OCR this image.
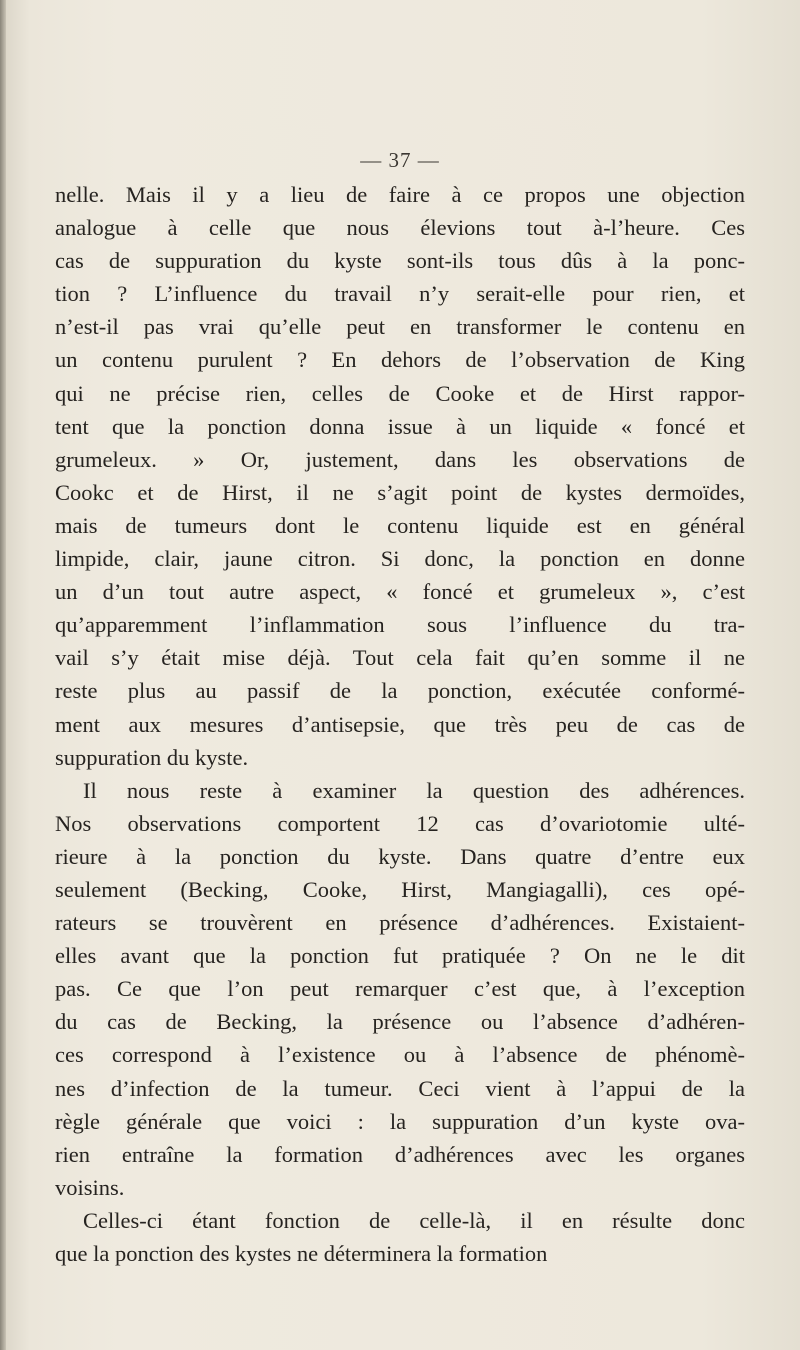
— 37 —
nelle. Mais il y a lieu de faire à ce propos une objection
analogue à celle que nous élevions tout à-l’heure. Ces
cas de suppuration du kyste sont-ils tous dûs à la ponc-
tion ? L’influence du travail n’y serait-elle pour rien, et
n’est-il pas vrai qu’elle peut en transformer le contenu en
un contenu purulent ? En dehors de l’observation de King
qui ne précise rien, celles de Cooke et de Hirst rappor-
tent que la ponction donna issue à un liquide « foncé et
grumeleux. » Or, justement, dans les observations de
Cookc et de Hirst, il ne s’agit point de kystes dermoïdes,
mais de tumeurs dont le contenu liquide est en général
limpide, clair, jaune citron. Si donc, la ponction en donne
un d’un tout autre aspect, « foncé et grumeleux », c’est
qu’apparemment l’inflammation sous l’influence du tra-
vail s’y était mise déjà. Tout cela fait qu’en somme il ne
reste plus au passif de la ponction, exécutée conformé-
ment aux mesures d’antisepsie, que très peu de cas de
suppuration du kyste.
Il nous reste à examiner la question des adhérences.
Nos observations comportent 12 cas d’ovariotomie ulté-
rieure à la ponction du kyste. Dans quatre d’entre eux
seulement (Becking, Cooke, Hirst, Mangiagalli), ces opé-
rateurs se trouvèrent en présence d’adhérences. Existaient-
elles avant que la ponction fut pratiquée ? On ne le dit
pas. Ce que l’on peut remarquer c’est que, à l’exception
du cas de Becking, la présence ou l’absence d’adhéren-
ces correspond à l’existence ou à l’absence de phénomè-
nes d’infection de la tumeur. Ceci vient à l’appui de la
règle générale que voici : la suppuration d’un kyste ova-
rien entraîne la formation d’adhérences avec les organes
voisins.
Celles-ci étant fonction de celle-là, il en résulte donc
que la ponction des kystes ne déterminera la formation
